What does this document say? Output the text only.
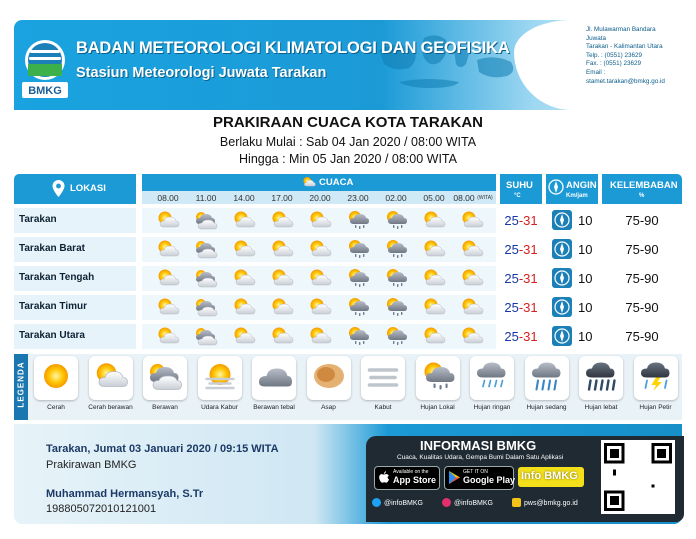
BMKG
BADAN METEOROLOGI KLIMATOLOGI DAN GEOFISIKA
Stasiun Meteorologi Juwata Tarakan
Jl. Mulawarman Bandara
Juwata
Tarakan - Kalimantan Utara
Telp. : (0551) 23629
Fax. : (0551) 23629
Email :
stamet.tarakan@bmkg.go.id
PRAKIRAAN CUACA KOTA TARAKAN
Berlaku Mulai : Sab 04 Jan 2020 / 08:00 WITA
Hingga : Min 05 Jan 2020 / 08:00 WITA
LOKASI
CUACA
08.00	11.00	14.00	17.00	20.00	23.00	02.00	05.00	08.00 (WITA)
SUHU
°C
ANGIN
Km/jam
KELEMBABAN
%
Tarakan	25-31	10	75-90
Tarakan Barat	25-31	10	75-90
Tarakan Tengah	25-31	10	75-90
Tarakan Timur	25-31	10	75-90
Tarakan Utara	25-31	10	75-90
LEGENDA	Cerah	Cerah berawan	Berawan	Udara Kabur	Berawan tebal	Asap	Kabut	Hujan Lokal	Hujan ringan	Hujan sedang	Hujan lebat	Hujan Petir
Tarakan, Jumat 03 Januari 2020 / 09:15 WITA
Prakirawan BMKG
Muhammad Hermansyah, S.Tr
198805072010121001
INFORMASI BMKG
Cuaca, Kualitas Udara, Gempa Bumi Dalam Satu Aplikasi
Available on the
App Store
GET IT ON
Google Play Info BMKG
@infoBMKG	@infoBMKG	pws@bmkg.go.id
